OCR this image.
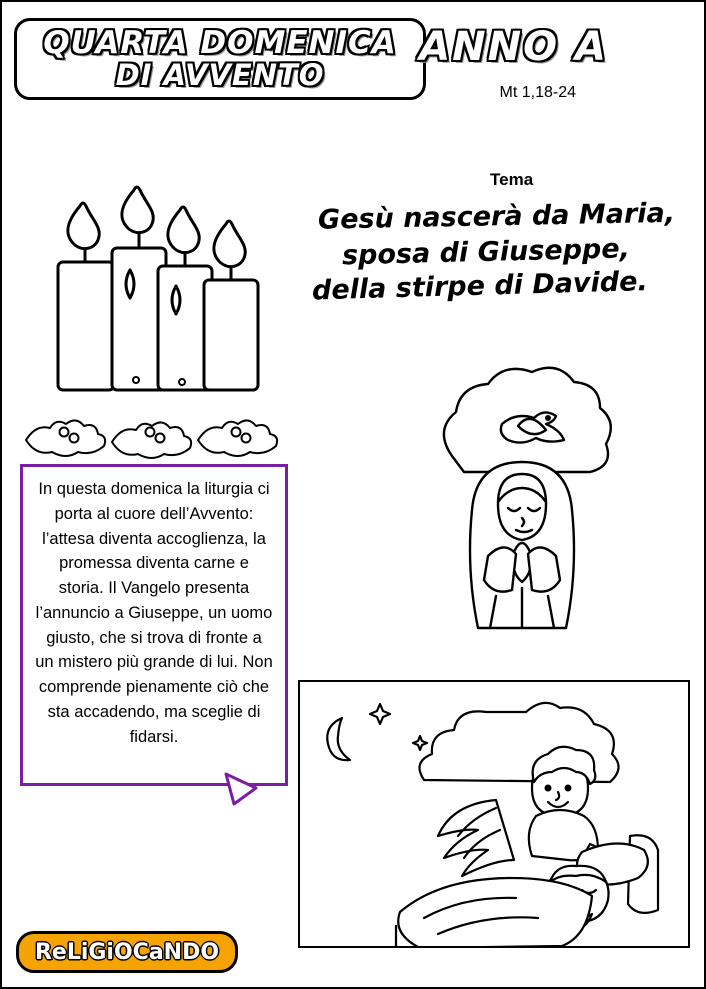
QUARTA DOMENICA
DI AVVENTO
ANNO A
Mt 1,18-24
In questa domenica la liturgia ci porta al cuore dell’Avvento: l’attesa diventa accoglienza, la promessa diventa carne e storia. Il Vangelo presenta l’annuncio a Giuseppe, un uomo giusto, che si trova di fronte a un mistero più grande di lui. Non comprende pienamente ciò che sta accadendo, ma sceglie di fidarsi.
Tema
Gesù nascerà da Maria,
sposa di Giuseppe,
della stirpe di Davide.
ReLiGiOCaNDO
